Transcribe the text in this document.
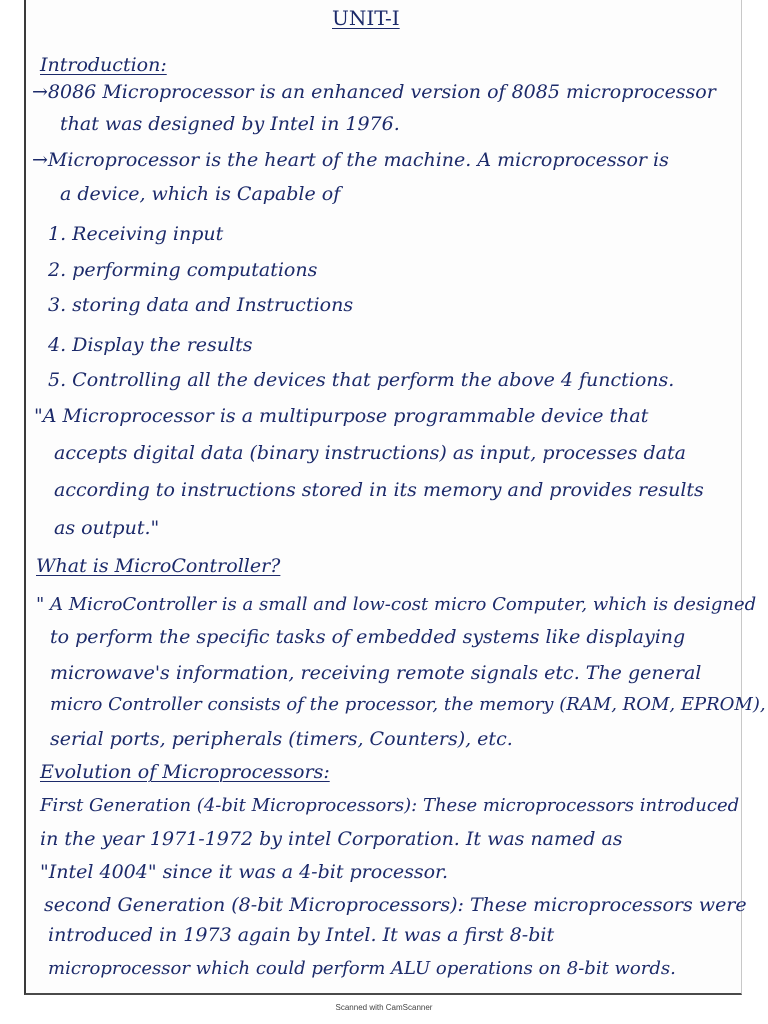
UNIT-I
Introduction:
→8086 Microprocessor is an enhanced version of 8085 microprocessor
that was designed by Intel in 1976.
→Microprocessor is the heart of the machine. A microprocessor is
a device, which is Capable of
1. Receiving input
2. performing computations
3. storing data and Instructions
4. Display the results
5. Controlling all the devices that perform the above 4 functions.
"A Microprocessor is a multipurpose programmable device that
accepts digital data (binary instructions) as input, processes data
according to instructions stored in its memory and provides results
as output."
What is MicroController?
" A MicroController is a small and low-cost micro Computer, which is designed
to perform the specific tasks of embedded systems like displaying
microwave's information, receiving remote signals etc. The general
micro Controller consists of the processor, the memory (RAM, ROM, EPROM),
serial ports, peripherals (timers, Counters), etc.
Evolution of Microprocessors:
First Generation (4-bit Microprocessors): These microprocessors introduced
in the year 1971-1972 by intel Corporation. It was named as
"Intel 4004" since it was a 4-bit processor.
second Generation (8-bit Microprocessors): These microprocessors were
introduced in 1973 again by Intel. It was a first 8-bit
microprocessor which could perform ALU operations on 8-bit words.
Scanned with CamScanner
